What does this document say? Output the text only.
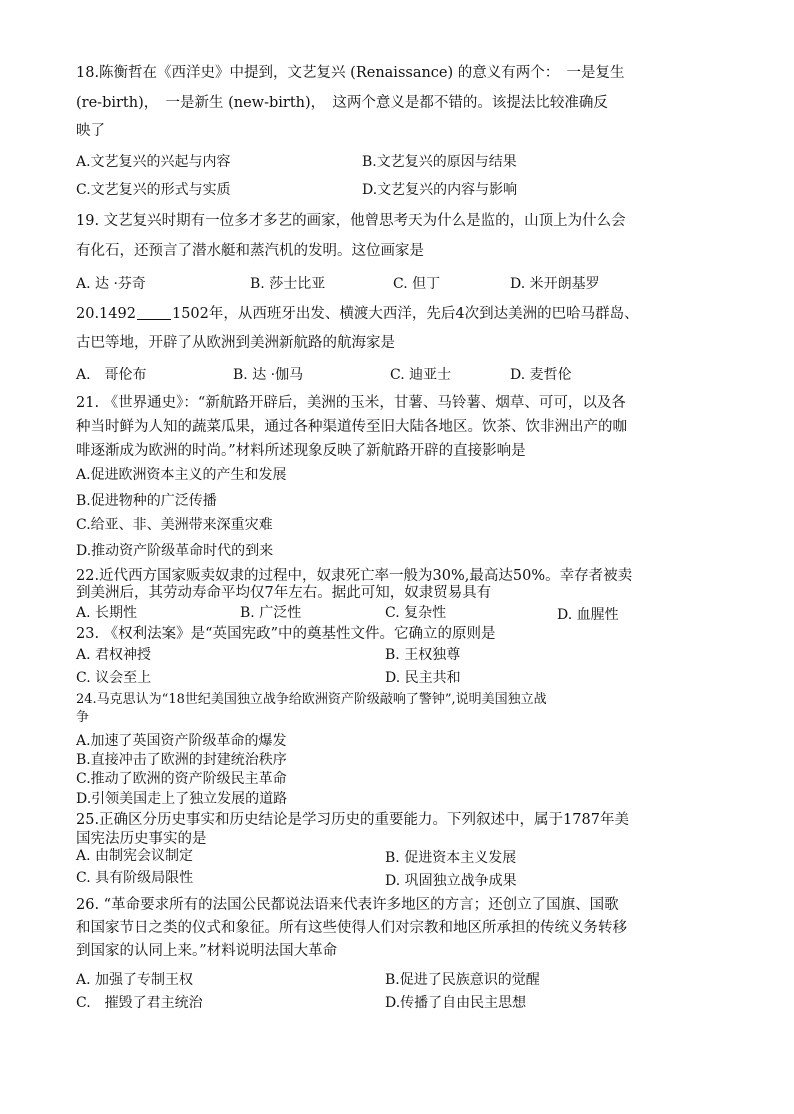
18.陈衡哲在《西洋史》中提到，文艺复兴 (Renaissance) 的意义有两个：　一是复生
(re-birth)，　一是新生 (new-birth)，　这两个意义是都不错的。该提法比较准确反
映了
A.文艺复兴的兴起与内容	B.文艺复兴的原因与结果
C.文艺复兴的形式与实质	D.文艺复兴的内容与影响
19. 文艺复兴时期有一位多才多艺的画家，他曾思考天为什么是监的，山顶上为什么会
有化石，还预言了潜水艇和蒸汽机的发明。这位画家是
A. 达 ·芬奇	B. 莎士比亚	C. 但丁	D. 米开朗基罗
20.1492 1502年，从西班牙出发、横渡大西洋，先后4次到达美洲的巴哈马群岛、
古巴等地，开辟了从欧洲到美洲新航路的航海家是
A.　哥伦布	B. 达 ·伽马	C. 迪亚士	D. 麦哲伦
21. 《世界通史》：“新航路开辟后，美洲的玉米，甘薯、马铃薯、烟草、可可，以及各
种当时鲜为人知的蔬菜瓜果，通过各种渠道传至旧大陆各地区。饮茶、饮非洲出产的咖
啡逐渐成为欧洲的时尚。”材料所述现象反映了新航路开辟的直接影响是
A.促进欧洲资本主义的产生和发展
B.促进物种的广泛传播
C.给亚、非、美洲带来深重灾难
D.推动资产阶级革命时代的到来
22.近代西方国家贩卖奴隶的过程中，奴隶死亡率一般为30%,最高达50%。幸存者被卖
到美洲后，其劳动寿命平均仅7年左右。据此可知，奴隶贸易具有
A. 长期性	B. 广泛性	C. 复杂性	D. 血腥性
23. 《权利法案》是“英国宪政”中的奠基性文件。它确立的原则是
A. 君权神授	B. 王权独尊
C. 议会至上	D. 民主共和
24.马克思认为“18世纪美国独立战争给欧洲资产阶级敲响了警钟”,说明美国独立战
争
A.加速了英国资产阶级革命的爆发
B.直接冲击了欧洲的封建统治秩序
C.推动了欧洲的资产阶级民主革命
D.引领美国走上了独立发展的道路
25.正确区分历史事实和历史结论是学习历史的重要能力。下列叙述中，属于1787年美
国宪法历史事实的是
A. 由制宪会议制定	B. 促进资本主义发展
C. 具有阶级局限性	D. 巩固独立战争成果
26. “革命要求所有的法国公民都说法语来代表许多地区的方言；还创立了国旗、国歌
和国家节日之类的仪式和象征。所有这些使得人们对宗教和地区所承担的传统义务转移
到国家的认同上来。”材料说明法国大革命
A. 加强了专制王权	B.促进了民族意识的觉醒
C.　摧毁了君主统治	D.传播了自由民主思想
